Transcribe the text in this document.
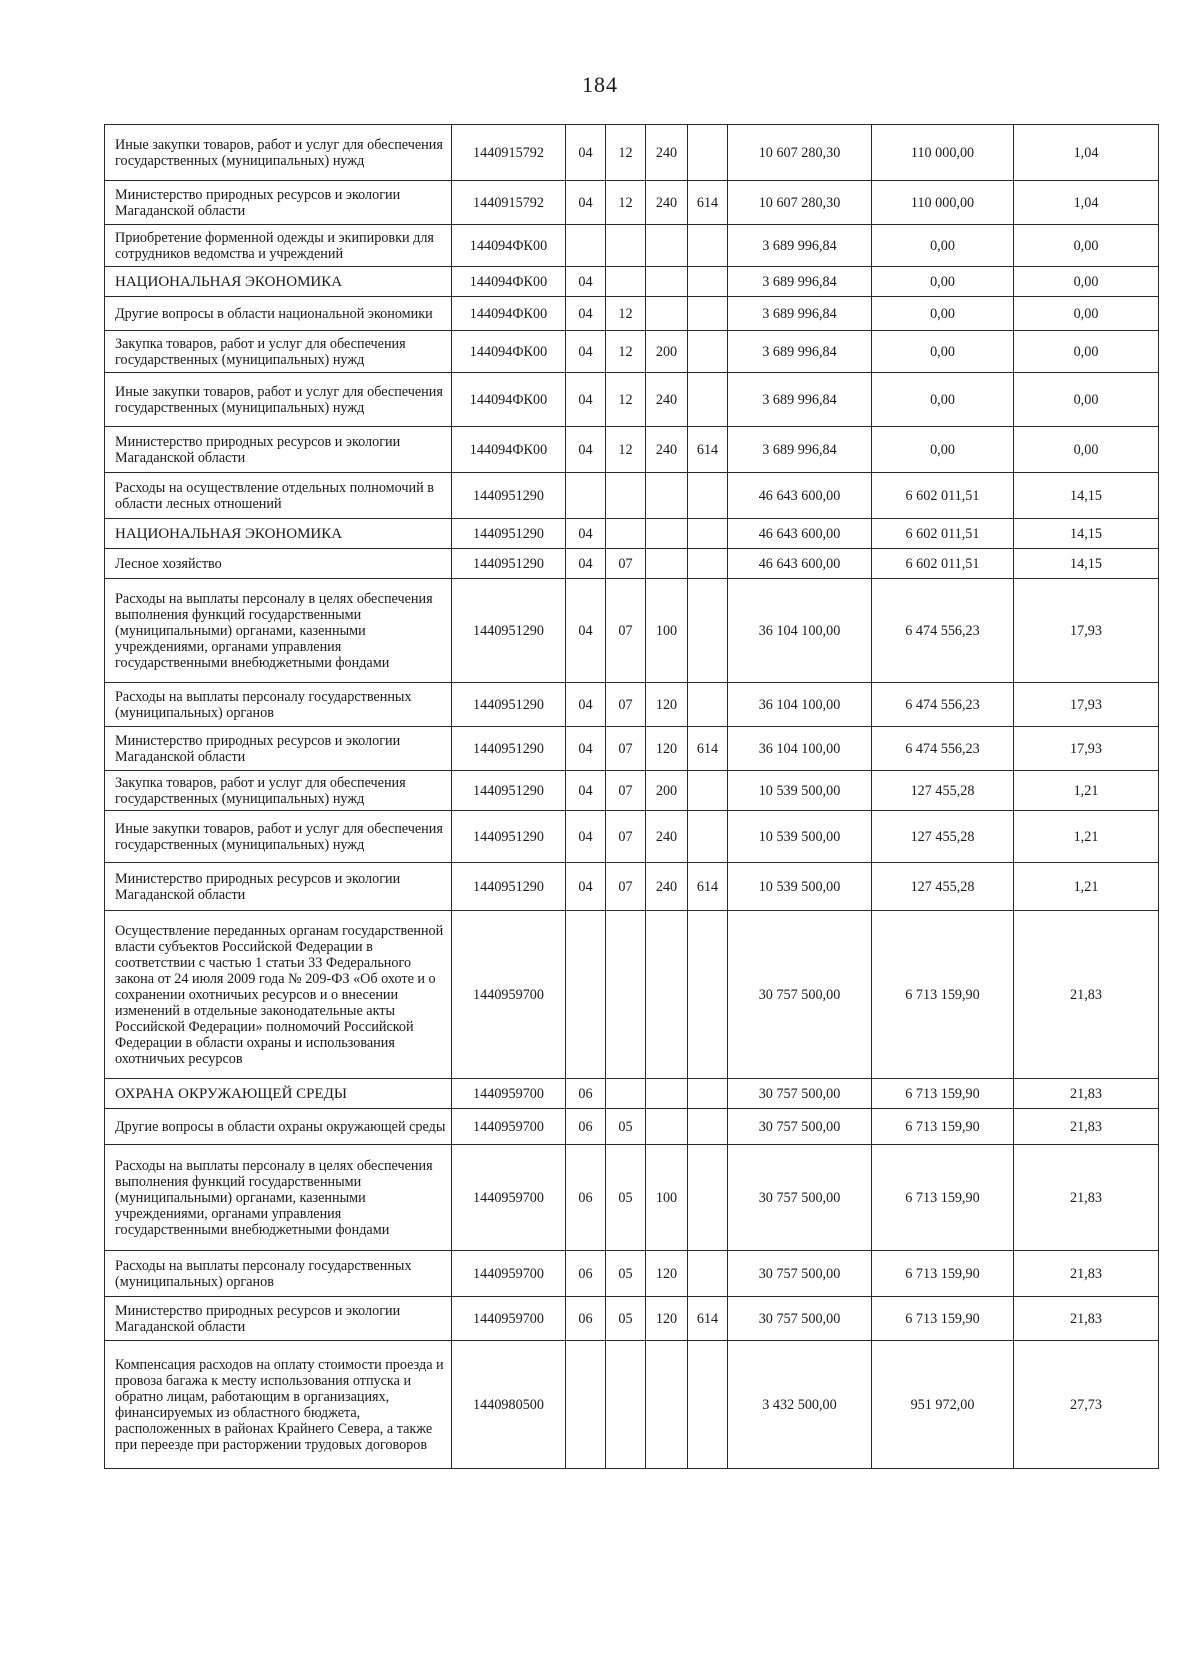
184
Иные закупки товаров, работ и услуг для обеспечения государственных (муниципальных) нужд	1440915792	04	12	240		10 607 280,30	110 000,00	1,04
Министерство природных ресурсов и экологии Магаданской области	1440915792	04	12	240	614	10 607 280,30	110 000,00	1,04
Приобретение форменной одежды и экипировки для сотрудников ведомства и учреждений	144094ФК00					3 689 996,84	0,00	0,00
НАЦИОНАЛЬНАЯ ЭКОНОМИКА	144094ФК00	04				3 689 996,84	0,00	0,00
Другие вопросы в области национальной экономики	144094ФК00	04	12			3 689 996,84	0,00	0,00
Закупка товаров, работ и услуг для обеспечения государственных (муниципальных) нужд	144094ФК00	04	12	200		3 689 996,84	0,00	0,00
Иные закупки товаров, работ и услуг для обеспечения государственных (муниципальных) нужд	144094ФК00	04	12	240		3 689 996,84	0,00	0,00
Министерство природных ресурсов и экологии Магаданской области	144094ФК00	04	12	240	614	3 689 996,84	0,00	0,00
Расходы на осуществление отдельных полномочий в области лесных отношений	1440951290					46 643 600,00	6 602 011,51	14,15
НАЦИОНАЛЬНАЯ ЭКОНОМИКА	1440951290	04				46 643 600,00	6 602 011,51	14,15
Лесное хозяйство	1440951290	04	07			46 643 600,00	6 602 011,51	14,15
Расходы на выплаты персоналу в целях обеспечения выполнения функций государственными (муниципальными) органами, казенными учреждениями, органами управления государственными внебюджетными фондами	1440951290	04	07	100		36 104 100,00	6 474 556,23	17,93
Расходы на выплаты персоналу государственных (муниципальных) органов	1440951290	04	07	120		36 104 100,00	6 474 556,23	17,93
Министерство природных ресурсов и экологии Магаданской области	1440951290	04	07	120	614	36 104 100,00	6 474 556,23	17,93
Закупка товаров, работ и услуг для обеспечения государственных (муниципальных) нужд	1440951290	04	07	200		10 539 500,00	127 455,28	1,21
Иные закупки товаров, работ и услуг для обеспечения государственных (муниципальных) нужд	1440951290	04	07	240		10 539 500,00	127 455,28	1,21
Министерство природных ресурсов и экологии Магаданской области	1440951290	04	07	240	614	10 539 500,00	127 455,28	1,21
Осуществление переданных органам государственной власти субъектов Российской Федерации в соответствии с частью 1 статьи 33 Федерального закона от 24 июля 2009 года № 209-ФЗ «Об охоте и о сохранении охотничьих ресурсов и о внесении изменений в отдельные законодательные акты Российской Федерации» полномочий Российской Федерации в области охраны и использования охотничьих ресурсов	1440959700					30 757 500,00	6 713 159,90	21,83
ОХРАНА ОКРУЖАЮЩЕЙ СРЕДЫ	1440959700	06				30 757 500,00	6 713 159,90	21,83
Другие вопросы в области охраны окружающей среды	1440959700	06	05			30 757 500,00	6 713 159,90	21,83
Расходы на выплаты персоналу в целях обеспечения выполнения функций государственными (муниципальными) органами, казенными учреждениями, органами управления государственными внебюджетными фондами	1440959700	06	05	100		30 757 500,00	6 713 159,90	21,83
Расходы на выплаты персоналу государственных (муниципальных) органов	1440959700	06	05	120		30 757 500,00	6 713 159,90	21,83
Министерство природных ресурсов и экологии Магаданской области	1440959700	06	05	120	614	30 757 500,00	6 713 159,90	21,83
Компенсация расходов на оплату стоимости проезда и провоза багажа к месту использования отпуска и обратно лицам, работающим в организациях, финансируемых из областного бюджета, расположенных в районах Крайнего Севера, а также при переезде при расторжении трудовых договоров	1440980500					3 432 500,00	951 972,00	27,73
